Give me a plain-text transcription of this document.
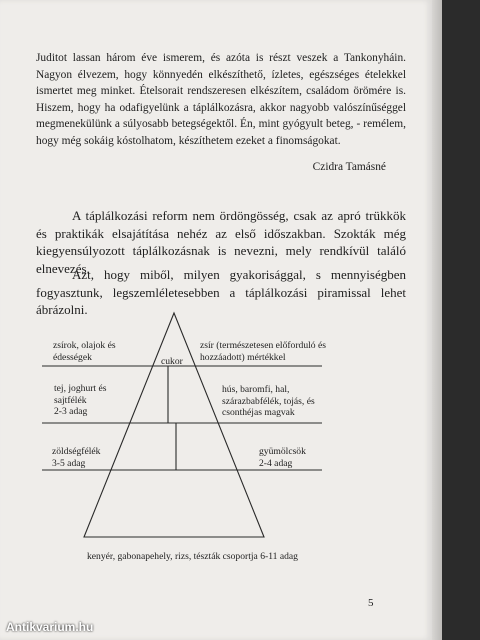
Juditot lassan három éve ismerem, és azóta is részt veszek a Tankonyháin. Nagyon élvezem, hogy könnyedén elkészíthető, ízletes, egészséges ételekkel ismertet meg minket. Ételsorait rendszeresen elkészítem, családom örömére is. Hiszem, hogy ha odafigyelünk a táplálkozásra, akkor nagyobb valószínűséggel megmenekülünk a súlyosabb betegségektől. Én, mint gyógyult beteg, - remélem, hogy még sokáig kóstolhatom, készíthetem ezeket a finomságokat.

Czidra Tamásné

A táplálkozási reform nem ördöngösség, csak az apró trükkök és praktikák elsajátítása nehéz az első időszakban. Szokták még kiegyensúlyozott táplálkozásnak is nevezni, mely rendkívül találó elnevezés.

Azt, hogy miből, milyen gyakorisággal, s mennyiségben fogyasztunk, legszemléletesebben a táplálkozási piramissal lehet ábrázolni.

zsírok, olajok és
édességek	cukor
zsír (természetesen előforduló és
hozzáadott) mértékkel
tej, joghurt és
sajtfélék
2-3 adag
hús, baromfi, hal,
szárazbabfélék, tojás, és
csonthéjas magvak
zöldségfélék
3-5 adag
gyümölcsök
2-4 adag
kenyér, gabonapehely, rizs, tészták csoportja 6-11 adag
5
Antikvarium.hu
